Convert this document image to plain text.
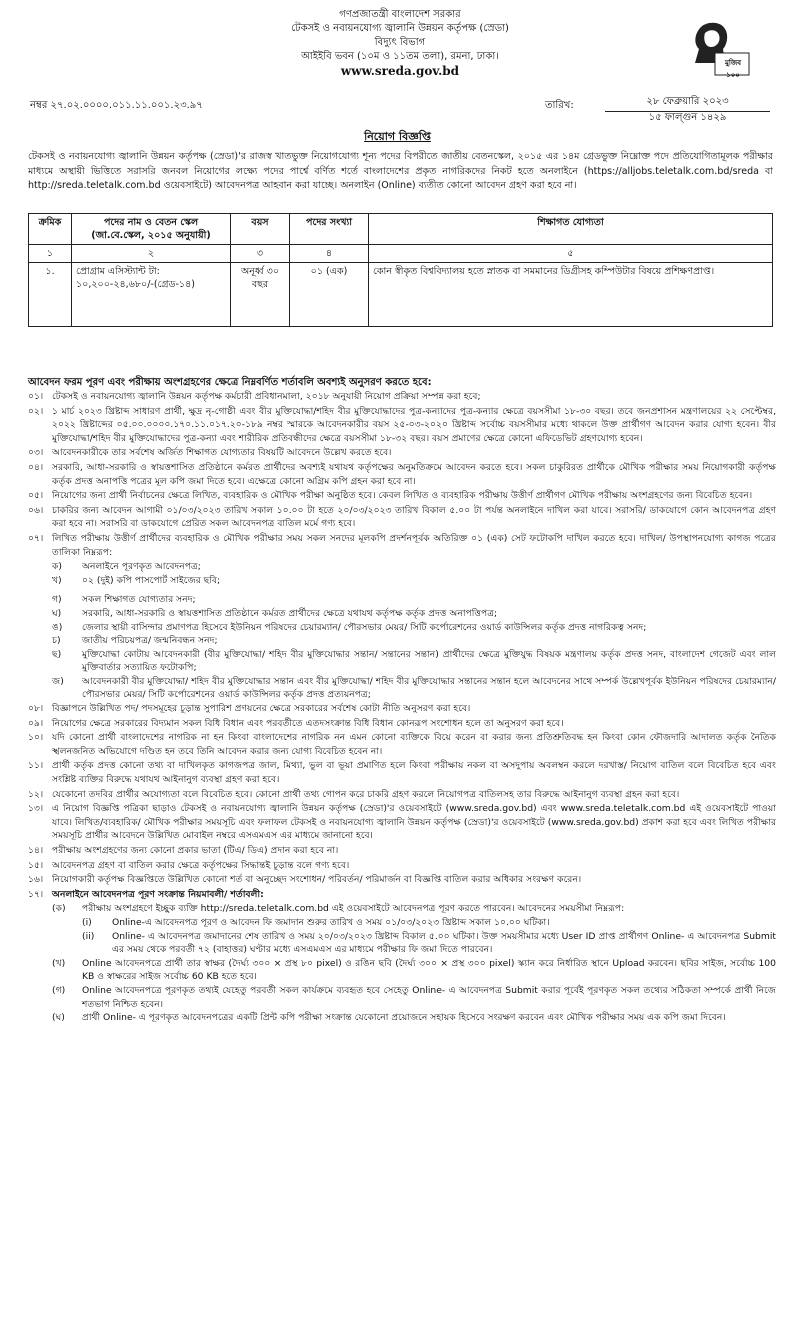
গণপ্রজাতন্ত্রী বাংলাদেশ সরকার
টেকসই ও নবায়নযোগ্য জ্বালানি উন্নয়ন কর্তৃপক্ষ (স্রেডা)
বিদ্যুৎ বিভাগ
আইইবি ভবন (১০ম ও ১১তম তলা), রমনা, ঢাকা।
www.sreda.gov.bd
মুজিব ১০০
নম্বর ২৭.০২.০০০০.০১১.১১.০০১.২৩.৯৭	তারিখ:	২৮ ফেব্রুয়ারি ২০২৩
১৫ ফাল্গুন ১৪২৯
নিয়োগ বিজ্ঞপ্তি
টেকসই ও নবায়নযোগ্য জ্বালানি উন্নয়ন কর্তৃপক্ষ (স্রেডা)'র রাজস্ব খাতভুক্ত নিয়োগযোগ্য শূন্য পদের বিপরীতে জাতীয় বেতনস্কেল, ২০১৫ এর ১৪ম গ্রেডভুক্ত নিম্নোক্ত পদে প্রতিযোগিতামূলক পরীক্ষার মাধ্যমে অস্থায়ী ভিত্তিতে সরাসরি জনবল নিয়োগের লক্ষ্যে পদের পার্শ্বে বর্ণিত শর্তে বাংলাদেশের প্রকৃত নাগরিকদের নিকট হতে অনলাইনে (https://alljobs.teletalk.com.bd/sreda বা http://sreda.teletalk.com.bd ওয়েবসাইটে) আবেদনপত্র আহবান করা যাচ্ছে। অনলাইন (Online) ব্যতীত কোনো আবেদন গ্রহণ করা হবে না।
ক্রমিক	পদের নাম ও বেতন স্কেল (জা.বে.স্কেল, ২০১৫ অনুযায়ী)	বয়স	পদের সংখ্যা	শিক্ষাগত যোগ্যতা
১	২	৩	৪	৫
১.	প্রোগ্রাম এসিস্ট্যান্ট টা: ১০,২০০-২৪,৬৮০/-(গ্রেড-১৪)	অনূর্ধ্ব ৩০ বছর	০১ (এক)	কোন স্বীকৃত বিশ্ববিদ্যালয় হতে স্নাতক বা সমমানের ডিগ্রীসহ কম্পিউটার বিষয়ে প্রশিক্ষণপ্রাপ্ত।
আবেদন ফরম পূরণ এবং পরীক্ষায় অংশগ্রহণের ক্ষেত্রে নিম্নবর্ণিত শর্তাবলি অবশ্যই অনুসরণ করতে হবে:
০১। টেকসই ও নবায়নযোগ্য জ্বালানি উন্নয়ন কর্তৃপক্ষ কর্মচারী প্রবিধানমালা, ২০১৮ অনুযায়ী নিয়োগ প্রক্রিয়া সম্পন্ন করা হবে;
০২। ১ মার্চ ২০২৩ খ্রিষ্টাব্দ সাধারণ প্রার্থী, ক্ষুদ্র নৃ-গোষ্ঠী এবং বীর মুক্তিযোদ্ধা/শহিদ বীর মুক্তিযোদ্ধাদের পুত্র-কন্যাদের পুত্র-কন্যার ক্ষেত্রে বয়সসীমা ১৮-৩০ বছর। তবে জনপ্রশাসন মন্ত্রণালয়ের ২২ সেপ্টেম্বর, ২০২২ খ্রিষ্টাব্দের ০৫.০০.০০০০.১৭০.১১.০১৭.২০-১৮৯ নম্বর স্মারকে আবেদনকারীর বয়স ২৫-০৩-২০২০ খ্রিষ্টাব্দ সর্বোচ্চ বয়সসীমার মধ্যে থাকলে উক্ত প্রার্থীগণ আবেদন করার যোগ্য হবেন। বীর মুক্তিযোদ্ধা/শহিদ বীর মুক্তিযোদ্ধাদের পুত্র-কন্যা এবং শারীরিক প্রতিবন্ধীদের ক্ষেত্রে বয়সসীমা ১৮-৩২ বছর। বয়স প্রমাণের ক্ষেত্রে কোনো এফিডেভিট গ্রহণযোগ্য হবেন।
০৩। আবেদনকারীকে তার সর্বশেষ অর্জিত শিক্ষাগত যোগ্যতার বিষয়টি আবেদনে উল্লেখ করতে হবে।
০৪। সরকারি, আধা-সরকারি ও স্বায়ত্তশাসিত প্রতিষ্ঠানে কর্মরত প্রার্থীদের অবশ্যই যথাযথ কর্তৃপক্ষের অনুমতিক্রমে আবেদন করতে হবে। সকল চাকুরিরত প্রার্থীকে মৌখিক পরীক্ষার সময় নিয়োগকারী কর্তৃপক্ষ কর্তৃক প্রদত্ত অনাপত্তি পত্রের মূল কপি জমা দিতে হবে। এক্ষেত্রে কোনো অগ্রিম কপি গ্রহন করা হবে না।
০৫। নিয়োগের জন্য প্রার্থী নির্বাচনের ক্ষেত্রে লিখিত, ব্যবহারিক ও মৌখিক পরীক্ষা অনুষ্ঠিত হবে। কেবল লিখিত ও ব্যবহারিক পরীক্ষায় উত্তীর্ণ প্রার্থীগণ মৌখিক পরীক্ষায় অংশগ্রহণের জন্য বিবেচিত হবেন।
০৬। চাকরির জন্য আবেদন আগামী ০১/০৩/২০২৩ তারিখ সকাল ১০.০০ টা হতে ২০/০৩/২০২৩ তারিখ বিকাল ৫.০০ টা পর্যন্ত অনলাইনে দাখিল করা যাবে। সরাসরি/ ডাকযোগে কোন আবেদনপত্র গ্রহণ করা হবে না। সরাসরি বা ডাকযোগে প্রেরিত সকল আবেদনপত্র বাতিল মর্মে গণ্য হবে।
০৭। লিখিত পরীক্ষায় উত্তীর্ণ প্রার্থীদের ব্যবহারিক ও মৌখিক পরীক্ষার সময় সকল সনদের মূলকপি প্রদর্শনপূর্বক অতিরিক্ত ০১ (এক) সেট ফটোকপি দাখিল করতে হবে। দাখিল/ উপস্থাপনযোগ্য কাগজ পত্রের তালিকা নিম্নরূপ:
ক)	অনলাইনে পূরণকৃত আবেদনপত্র;
খ)	০২ (দুই) কপি পাসপোর্ট সাইজের ছবি;
গ)	সকল শিক্ষাগত যোগ্যতার সনদ;
ঘ)	সরকারি, আধা-সরকারি ও স্বায়ত্তশাসিত প্রতিষ্ঠানে কর্মরত প্রার্থীদের ক্ষেত্রে যথাযথ কর্তৃপক্ষ কর্তৃক প্রদত্ত অনাপত্তিপত্র;
ঙ)	জেলার স্থায়ী বাসিন্দার প্রমাণপত্র হিসেবে ইউনিয়ন পরিষদের চেয়ারম্যান/ পৌরসভার মেয়র/ সিটি কর্পোরেশনের ওয়ার্ড কাউন্সিলর কর্তৃক প্রদত্ত নাগরিকত্ব সনদ;
চ)	জাতীয় পরিচয়পত্র/ জন্মনিবন্ধন সনদ;
ছ)	মুক্তিযোদ্ধা কোটায় আবেদনকারী (বীর মুক্তিযোদ্ধা/ শহিদ বীর মুক্তিযোদ্ধার সন্তান/ সন্তানের সন্তান) প্রার্থীদের ক্ষেত্রে মুক্তিযুদ্ধ বিষয়ক মন্ত্রণালয় কর্তৃক প্রদত্ত সনদ, বাংলাদেশ গেজেট এবং লাল মুক্তিবার্তার সত্যায়িত ফটোকপি;
জ)	আবেদনকারী বীর মুক্তিযোদ্ধা/ শহিদ বীর মুক্তিযোদ্ধার সন্তান এবং বীর মুক্তিযোদ্ধা/ শহিদ বীর মুক্তিযোদ্ধার সন্তানের সন্তান হলে আবেদনের সাথে সম্পর্ক উল্লেখপূর্বক ইউনিয়ন পরিষদের চেয়ারম্যান/ পৌরসভার মেয়র/ সিটি কর্পোরেশনের ওয়ার্ড কাউন্সিলর কর্তৃক প্রদত্ত প্রত্যয়নপত্র;
০৮। বিজ্ঞাপনে উল্লিখিত পদ/ পদসমূহের চূড়ান্ত সুপারিশ প্রণয়নের ক্ষেত্রে সরকারের সর্বশেষ কোটা নীতি অনুসরণ করা হবে।
০৯। নিয়োগের ক্ষেত্রে সরকারের বিদ্যমান সকল বিধি বিধান এবং পরবর্তীতে এতদসংক্রান্ত বিধি বিধান কোনরূপ সংশোধন হলে তা অনুসরণ করা হবে।
১০। যদি কোনো প্রার্থী বাংলাদেশের নাগরিক না হন কিংবা বাংলাদেশের নাগরিক নন এমন কোনো ব্যক্তিকে বিয়ে করেন বা করার জন্য প্রতিশ্রুতিবদ্ধ হন কিংবা কোন ফৌজদারি আদালত কর্তৃক নৈতিক স্খলনজনিত অভিযোগে দণ্ডিত হন তবে তিনি আবেদন করার জন্য যোগ্য বিবেচিত হবেন না।
১১। প্রার্থী কর্তৃক প্রদত্ত কোনো তথ্য বা দাখিলকৃত কাগজপত্র জাল, মিথ্যা, ভুল বা ভূয়া প্রমাণিত হলে কিংবা পরীক্ষায় নকল বা অসদুপায় অবলম্বন করলে দরখাস্ত/ নিয়োগ বাতিল বলে বিবেচিত হবে এবং সংশ্লিষ্ট ব্যক্তির বিরুদ্ধে যথাযথ আইনানুগ ব্যবস্থা গ্রহণ করা হবে।
১২। যেকোনো তদবির প্রার্থীর অযোগ্যতা বলে বিবেচিত হবে। কোনো প্রার্থী তথ্য গোপন করে চাকরি গ্রহণ করলে নিয়োগপত্র বাতিলসহ তার বিরুদ্ধে আইনানুগ ব্যবস্থা গ্রহন করা হবে।
১৩। এ নিয়োগ বিজ্ঞপ্তি পত্রিকা ছাড়াও টেকসই ও নবায়নযোগ্য জ্বালানি উন্নয়ন কর্তৃপক্ষ (স্রেডা)'র ওয়েবসাইটে (www.sreda.gov.bd) এবং www.sreda.teletalk.com.bd এই ওয়েবসাইটে পাওয়া যাবে। লিখিত/ব্যবহারিক/ মৌখিক পরীক্ষার সময়সূচি এবং ফলাফল টেকসই ও নবায়নযোগ্য জ্বালানি উন্নয়ন কর্তৃপক্ষ (স্রেডা)'র ওয়েবসাইটে (www.sreda.gov.bd) প্রকাশ করা হবে এবং লিখিত পরীক্ষার সময়সূচি প্রার্থীর আবেদনে উল্লিখিত মোবাইল নম্বরে এসএমএস এর মাধ্যমে জানানো হবে।
১৪। পরীক্ষায় অংশগ্রহণের জন্য কোনো প্রকার ভাতা (টিএ/ ডিএ) প্রদান করা হবে না।
১৫। আবেদনপত্র গ্রহণ বা বাতিল করার ক্ষেত্রে কর্তৃপক্ষের সিদ্ধান্তই চূড়ান্ত বলে গণ্য হবে।
১৬। নিয়োগকারী কর্তৃপক্ষ বিজ্ঞপ্তিতে উল্লিখিত কোনো শর্ত বা অনুচ্ছেদ সংশোধন/ পরিবর্তন/ পরিমার্জন বা বিজ্ঞপ্তি বাতিল করার অধিকার সংরক্ষণ করেন।
১৭। অনলাইনে আবেদনপত্র পূরণ সংক্রান্ত নিয়মাবলী/ শর্তাবলী:
(ক)	পরীক্ষায় অংশগ্রহণে ইচ্ছুক ব্যক্তি http://sreda.teletalk.com.bd এই ওয়েবসাইটে আবেদনপত্র পূরণ করতে পারবেন। আবেদনের সময়সীমা নিম্নরূপ:
(i)	Online-এ আবেদনপত্র পূরণ ও আবেদন ফি জমাদান শুরুর তারিখ ও সময় ০১/০৩/২০২৩ খ্রিষ্টাব্দ সকাল ১০.০০ ঘটিকা।
(ii)	Online- এ আবেদনপত্র জমাদানের শেষ তারিখ ও সময় ২০/০৩/২০২৩ খ্রিষ্টাব্দ বিকাল ৫.০০ ঘটিকা। উক্ত সময়সীমার মধ্যে User ID প্রাপ্ত প্রার্থীগণ Online- এ আবেদনপত্র Submit এর সময় থেকে পরবর্তী ৭২ (বাহাত্তর) ঘণ্টার মধ্যে এসএমএস এর মাধ্যমে পরীক্ষার ফি জমা দিতে পারবেন।
(খ)	Online আবেদনপত্রে প্রার্থী তার স্বাক্ষর (দৈর্ঘ্য ৩০০ × প্রস্থ ৮০ pixel) ও রঙিন ছবি (দৈর্ঘ্য ৩০০ × প্রস্থ ৩০০ pixel) স্ক্যান করে নির্ধারিত স্থানে Upload করবেন। ছবির সাইজ, সর্বোচ্চ 100 KB ও স্বাক্ষরের সাইজ সর্বোচ্চ 60 KB হতে হবে।
(গ)	Online আবেদনপত্রে পূরণকৃত তথ্যই যেহেতু পরবর্তী সকল কার্যক্রমে ব্যবহৃত হবে সেহেতু Online- এ আবেদনপত্র Submit করার পূর্বেই পূরণকৃত সকল তথ্যের সঠিকতা সম্পর্কে প্রার্থী নিজে শতভাগ নিশ্চিত হবেন।
(ঘ)	প্রার্থী Online- এ পূরণকৃত আবেদনপত্রের একটি প্রিন্ট কপি পরীক্ষা সংক্রান্ত যেকোনো প্রয়োজনে সহায়ক হিসেবে সংরক্ষণ করবেন এবং মৌখিক পরীক্ষার সময় এক কপি জমা দিবেন।
